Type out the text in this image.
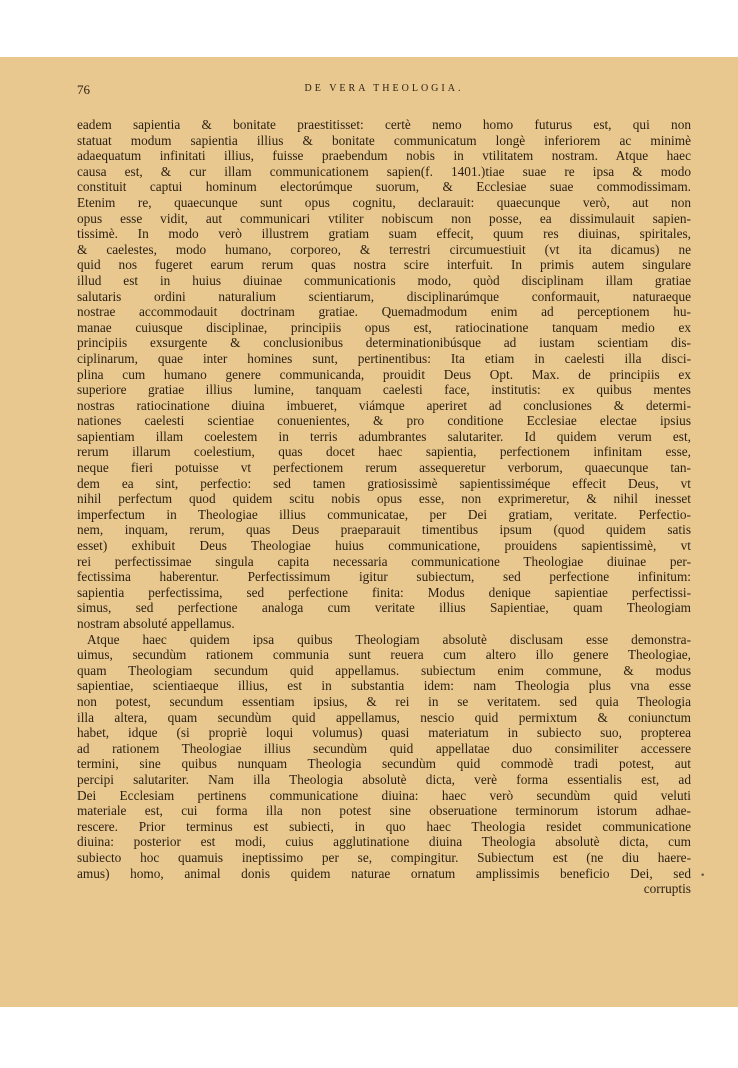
76	DE VERA THEOLOGIA.
eadem sapientia & bonitate praestitisset: certè nemo homo futurus est, qui non
statuat modum sapientia illius & bonitate communicatum longè inferiorem ac minimè
adaequatum infinitati illius, fuisse praebendum nobis in vtilitatem nostram. Atque haec
causa est, & cur illam communicationem sapien(f. 1401.)tiae suae re ipsa & modo
constituit captui hominum electorúmque suorum, & Ecclesiae suae commodissimam.
Etenim re, quaecunque sunt opus cognitu, declarauit: quaecunque verò, aut non
opus esse vidit, aut communicari vtiliter nobiscum non posse, ea dissimulauit sapien-
tissimè. In modo verò illustrem gratiam suam effecit, quum res diuinas, spiritales,
& caelestes, modo humano, corporeo, & terrestri circumuestiuit (vt ita dicamus) ne
quid nos fugeret earum rerum quas nostra scire interfuit. In primis autem singulare
illud est in huius diuinae communicationis modo, quòd disciplinam illam gratiae
salutaris ordini naturalium scientiarum, disciplinarúmque conformauit, naturaeque
nostrae accommodauit doctrinam gratiae. Quemadmodum enim ad perceptionem hu-
manae cuiusque disciplinae, principiis opus est, ratiocinatione tanquam medio ex
principiis exsurgente & conclusionibus determinationibúsque ad iustam scientiam dis-
ciplinarum, quae inter homines sunt, pertinentibus: Ita etiam in caelesti illa disci-
plina cum humano genere communicanda, prouidit Deus Opt. Max. de principiis ex
superiore gratiae illius lumine, tanquam caelesti face, institutis: ex quibus mentes
nostras ratiocinatione diuina imbueret, viámque aperiret ad conclusiones & determi-
nationes caelesti scientiae conuenientes, & pro conditione Ecclesiae electae ipsius
sapientiam illam coelestem in terris adumbrantes salutariter. Id quidem verum est,
rerum illarum coelestium, quas docet haec sapientia, perfectionem infinitam esse,
neque fieri potuisse vt perfectionem rerum assequeretur verborum, quaecunque tan-
dem ea sint, perfectio: sed tamen gratiosissimè sapientissiméque effecit Deus, vt
nihil perfectum quod quidem scitu nobis opus esse, non exprimeretur, & nihil inesset
imperfectum in Theologiae illius communicatae, per Dei gratiam, veritate. Perfectio-
nem, inquam, rerum, quas Deus praeparauit timentibus ipsum (quod quidem satis
esset) exhibuit Deus Theologiae huius communicatione, prouidens sapientissimè, vt
rei perfectissimae singula capita necessaria communicatione Theologiae diuinae per-
fectissima haberentur. Perfectissimum igitur subiectum, sed perfectione infinitum:
sapientia perfectissima, sed perfectione finita: Modus denique sapientiae perfectissi-
simus, sed perfectione analoga cum veritate illius Sapientiae, quam Theologiam
nostram absoluté appellamus.
Atque haec quidem ipsa quibus Theologiam absolutè disclusam esse demonstra-
uimus, secundùm rationem communia sunt reuera cum altero illo genere Theologiae,
quam Theologiam secundum quid appellamus. subiectum enim commune, & modus
sapientiae, scientiaeque illius, est in substantia idem: nam Theologia plus vna esse
non potest, secundum essentiam ipsius, & rei in se veritatem. sed quia Theologia
illa altera, quam secundùm quid appellamus, nescio quid permixtum & coniunctum
habet, idque (si propriè loqui volumus) quasi materiatum in subiecto suo, propterea
ad rationem Theologiae illius secundùm quid appellatae duo consimiliter accessere
termini, sine quibus nunquam Theologia secundùm quid commodè tradi potest, aut
percipi salutariter. Nam illa Theologia absolutè dicta, verè forma essentialis est, ad
Dei Ecclesiam pertinens communicatione diuina: haec verò secundùm quid veluti
materiale est, cui forma illa non potest sine obseruatione terminorum istorum adhae-
rescere. Prior terminus est subiecti, in quo haec Theologia residet communicatione
diuina: posterior est modi, cuius agglutinatione diuina Theologia absolutè dicta, cum
subiecto hoc quamuis ineptissimo per se, compingitur. Subiectum est (ne diu haere-
amus) homo, animal donis quidem naturae ornatum amplissimis beneficio Dei, sed
corruptis
•
